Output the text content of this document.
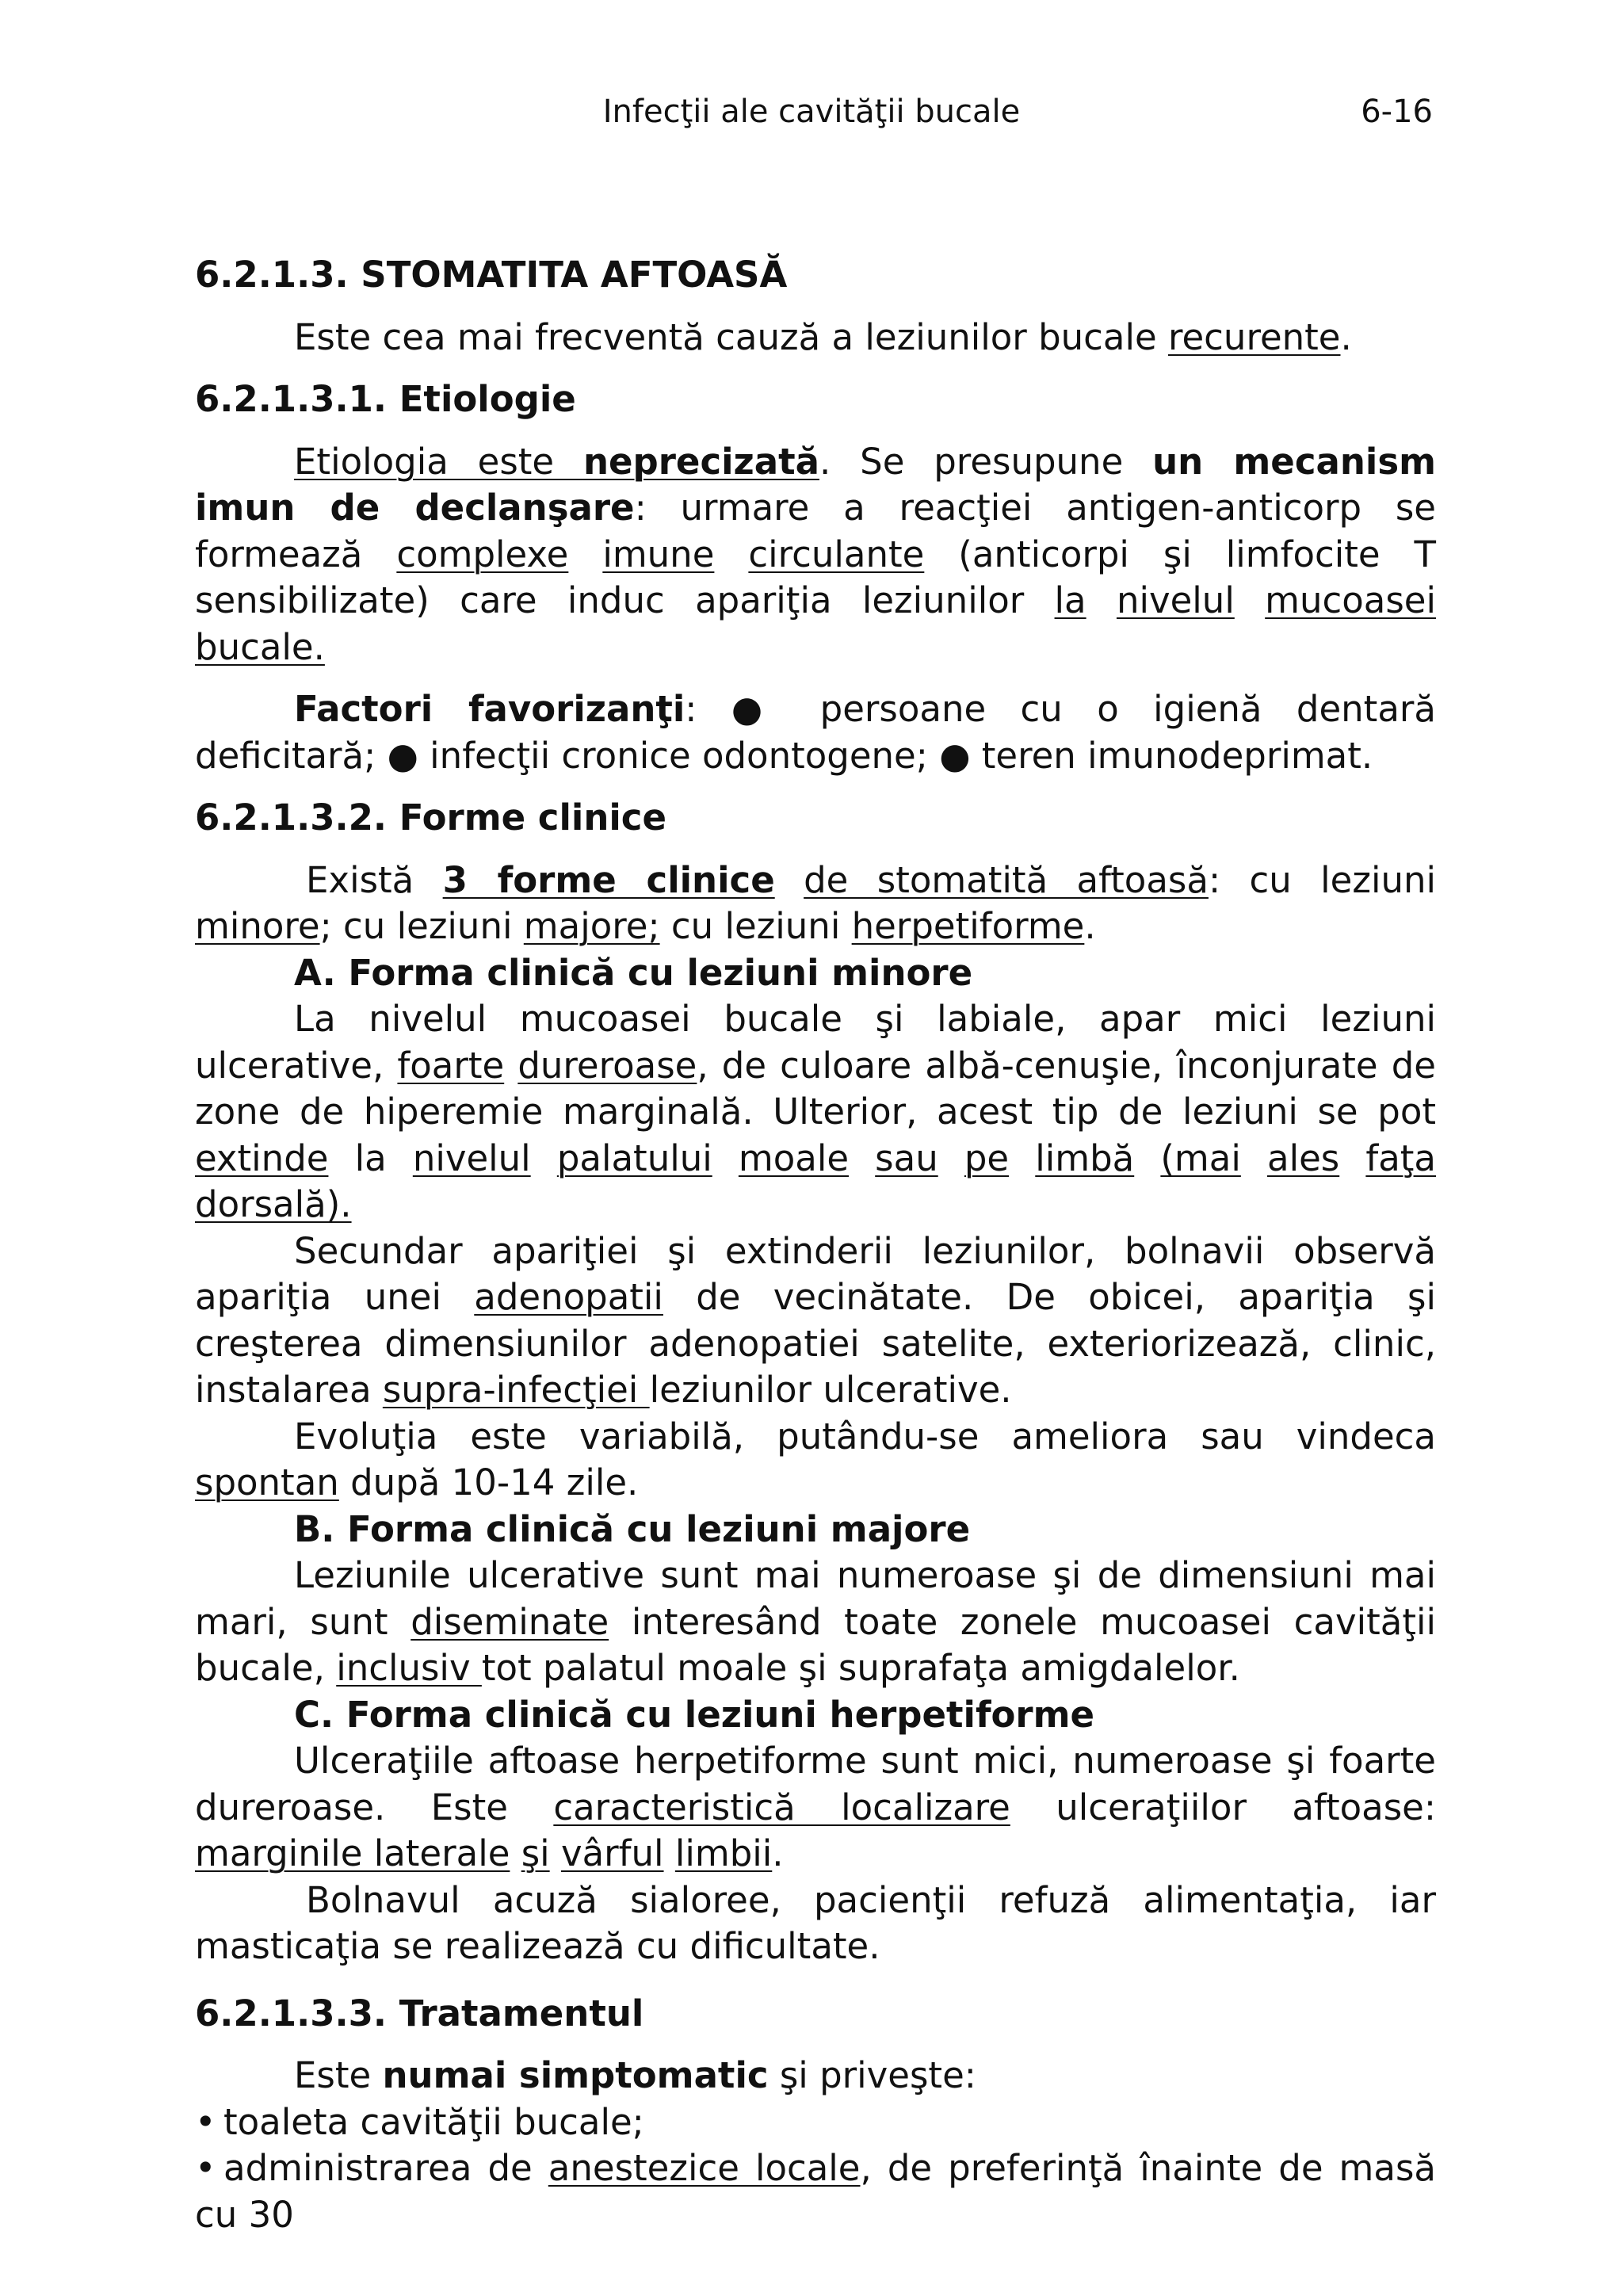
Infecţii ale cavităţii bucale	6-16

6.2.1.3. STOMATITA AFTOASĂ

Este cea mai frecventă cauză a leziunilor bucale recurente.

6.2.1.3.1. Etiologie

Etiologia este neprecizată. Se presupune un mecanism imun de declanşare: urmare a reacţiei antigen-anticorp se formează complexe imune circulante (anticorpi şi limfocite T sensibilizate) care induc apariţia leziunilor la nivelul mucoasei bucale.

Factori favorizanţi: ● persoane cu o igienă dentară deficitară; ● infecţii cronice odontogene; ● teren imunodeprimat.

6.2.1.3.2. Forme clinice

Există 3 forme clinice de stomatită aftoasă: cu leziuni minore; cu leziuni majore; cu leziuni herpetiforme.

A. Forma clinică cu leziuni minore

La nivelul mucoasei bucale şi labiale, apar mici leziuni ulcerative, foarte dureroase, de culoare albă-cenuşie, înconjurate de zone de hiperemie marginală. Ulterior, acest tip de leziuni se pot extinde la nivelul palatului moale sau pe limbă (mai ales faţa dorsală).

Secundar apariţiei şi extinderii leziunilor, bolnavii observă apariţia unei adenopatii de vecinătate. De obicei, apariţia şi creşterea dimensiunilor adenopatiei satelite, exteriorizează, clinic, instalarea supra-infecţiei leziunilor ulcerative.

Evoluţia este variabilă, putându-se ameliora sau vindeca spontan după 10-14 zile.

B. Forma clinică cu leziuni majore

Leziunile ulcerative sunt mai numeroase şi de dimensiuni mai mari, sunt diseminate interesând toate zonele mucoasei cavităţii bucale, inclusiv tot palatul moale şi suprafaţa amigdalelor.

C. Forma clinică cu leziuni herpetiforme

Ulceraţiile aftoase herpetiforme sunt mici, numeroase şi foarte dureroase. Este caracteristică localizare ulceraţiilor aftoase: marginile laterale şi vârful limbii.

Bolnavul acuză sialoree, pacienţii refuză alimentaţia, iar masticaţia se realizează cu dificultate.

6.2.1.3.3. Tratamentul

Este numai simptomatic şi priveşte:

• toaleta cavităţii bucale;

• administrarea de anestezice locale, de preferinţă înainte de masă cu 30
